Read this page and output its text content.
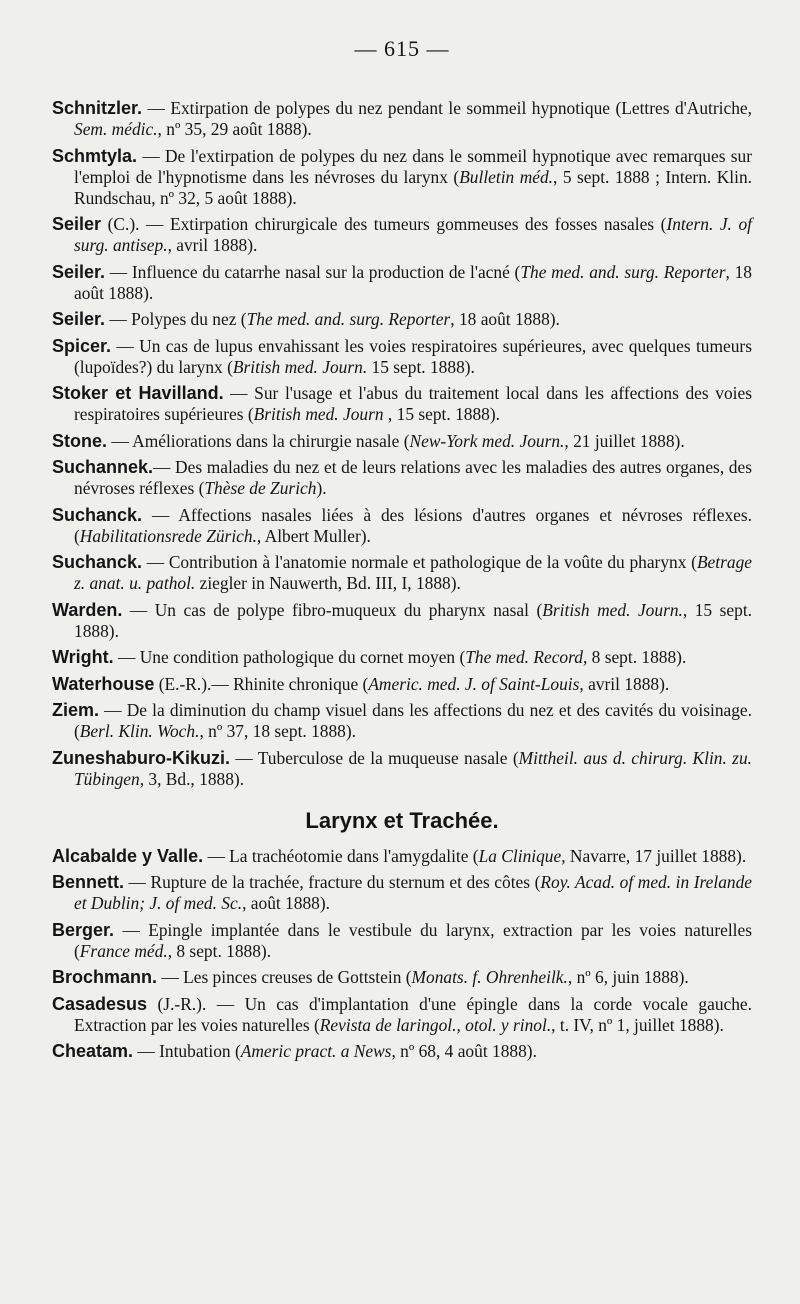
— 615 —

Schnitzler. — Extirpation de polypes du nez pendant le sommeil hypnotique (Lettres d'Autriche, Sem. médic., nº 35, 29 août 1888).

Schmtyla. — De l'extirpation de polypes du nez dans le sommeil hypnotique avec remarques sur l'emploi de l'hypnotisme dans les névroses du larynx (Bulletin méd., 5 sept. 1888 ; Intern. Klin. Rundschau, nº 32, 5 août 1888).

Seiler (C.). — Extirpation chirurgicale des tumeurs gommeuses des fosses nasales (Intern. J. of surg. antisep., avril 1888).

Seiler. — Influence du catarrhe nasal sur la production de l'acné (The med. and. surg. Reporter, 18 août 1888).

Seiler. — Polypes du nez (The med. and. surg. Reporter, 18 août 1888).

Spicer. — Un cas de lupus envahissant les voies respiratoires supérieures, avec quelques tumeurs (lupoïdes?) du larynx (British med. Journ. 15 sept. 1888).

Stoker et Havilland. — Sur l'usage et l'abus du traitement local dans les affections des voies respiratoires supérieures (British med. Journ , 15 sept. 1888).

Stone. — Améliorations dans la chirurgie nasale (New-York med. Journ., 21 juillet 1888).

Suchannek.— Des maladies du nez et de leurs relations avec les maladies des autres organes, des névroses réflexes (Thèse de Zurich).

Suchanck. — Affections nasales liées à des lésions d'autres organes et névroses réflexes. (Habilitationsrede Zürich., Albert Muller).

Suchanck. — Contribution à l'anatomie normale et pathologique de la voûte du pharynx (Betrage z. anat. u. pathol. ziegler in Nauwerth, Bd. III, I, 1888).

Warden. — Un cas de polype fibro-muqueux du pharynx nasal (British med. Journ., 15 sept. 1888).

Wright. — Une condition pathologique du cornet moyen (The med. Record, 8 sept. 1888).

Waterhouse (E.-R.).— Rhinite chronique (Americ. med. J. of Saint-Louis, avril 1888).

Ziem. — De la diminution du champ visuel dans les affections du nez et des cavités du voisinage. (Berl. Klin. Woch., nº 37, 18 sept. 1888).

Zuneshaburo-Kikuzi. — Tuberculose de la muqueuse nasale (Mittheil. aus d. chirurg. Klin. zu. Tübingen, 3, Bd., 1888).

Larynx et Trachée.

Alcabalde y Valle. — La trachéotomie dans l'amygdalite (La Clinique, Navarre, 17 juillet 1888).

Bennett. — Rupture de la trachée, fracture du sternum et des côtes (Roy. Acad. of med. in Irelande et Dublin; J. of med. Sc., août 1888).

Berger. — Epingle implantée dans le vestibule du larynx, extraction par les voies naturelles (France méd., 8 sept. 1888).

Brochmann. — Les pinces creuses de Gottstein (Monats. f. Ohrenheilk., nº 6, juin 1888).

Casadesus (J.-R.). — Un cas d'implantation d'une épingle dans la corde vocale gauche. Extraction par les voies naturelles (Revista de laringol., otol. y rinol., t. IV, nº 1, juillet 1888).

Cheatam. — Intubation (Americ pract. a News, nº 68, 4 août 1888).
